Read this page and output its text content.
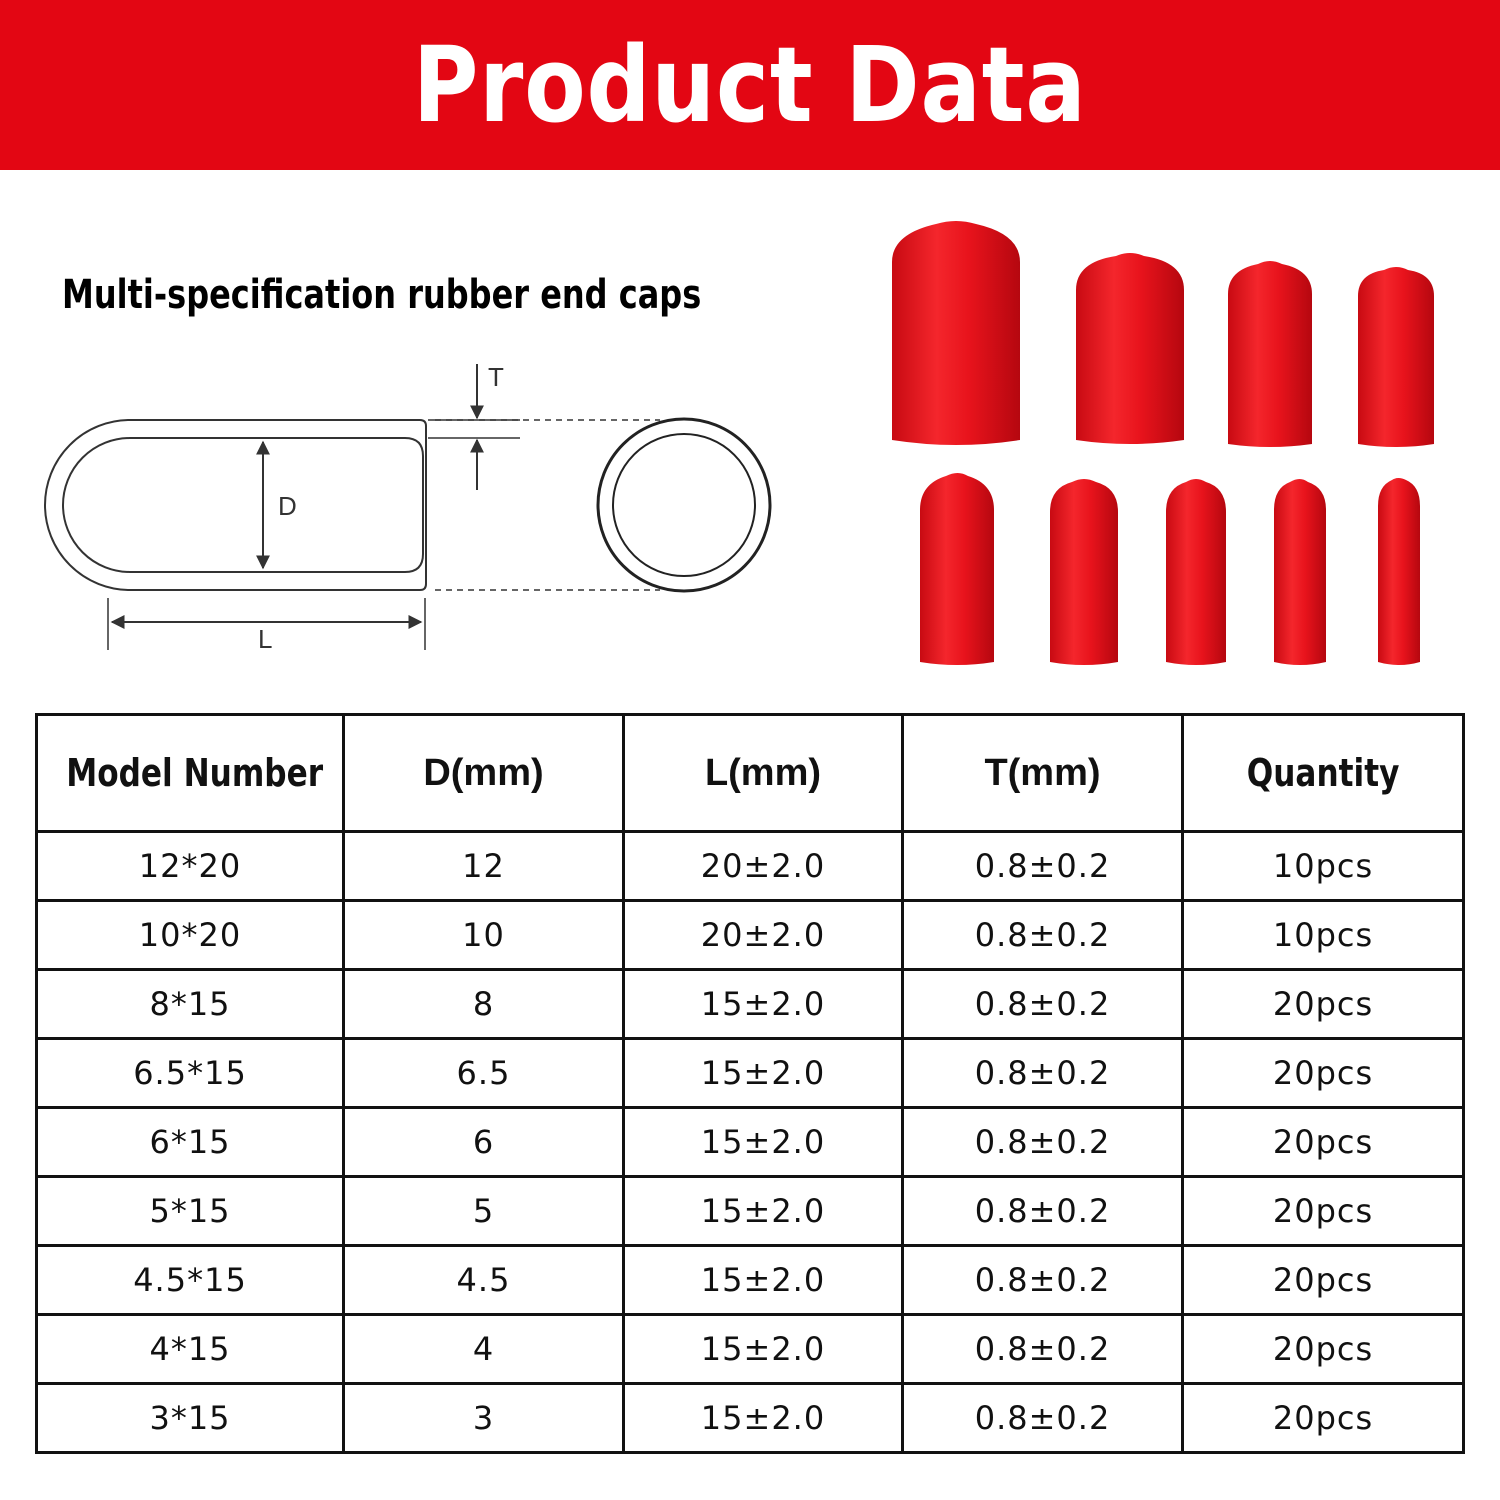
Product Data
Multi-specification rubber end caps
D
L
T
Model Number	D(mm)	L(mm)	T(mm)	Quantity
12*20	12	20±2.0	0.8±0.2	10pcs
10*20	10	20±2.0	0.8±0.2	10pcs
8*15	8	15±2.0	0.8±0.2	20pcs
6.5*15	6.5	15±2.0	0.8±0.2	20pcs
6*15	6	15±2.0	0.8±0.2	20pcs
5*15	5	15±2.0	0.8±0.2	20pcs
4.5*15	4.5	15±2.0	0.8±0.2	20pcs
4*15	4	15±2.0	0.8±0.2	20pcs
3*15	3	15±2.0	0.8±0.2	20pcs
